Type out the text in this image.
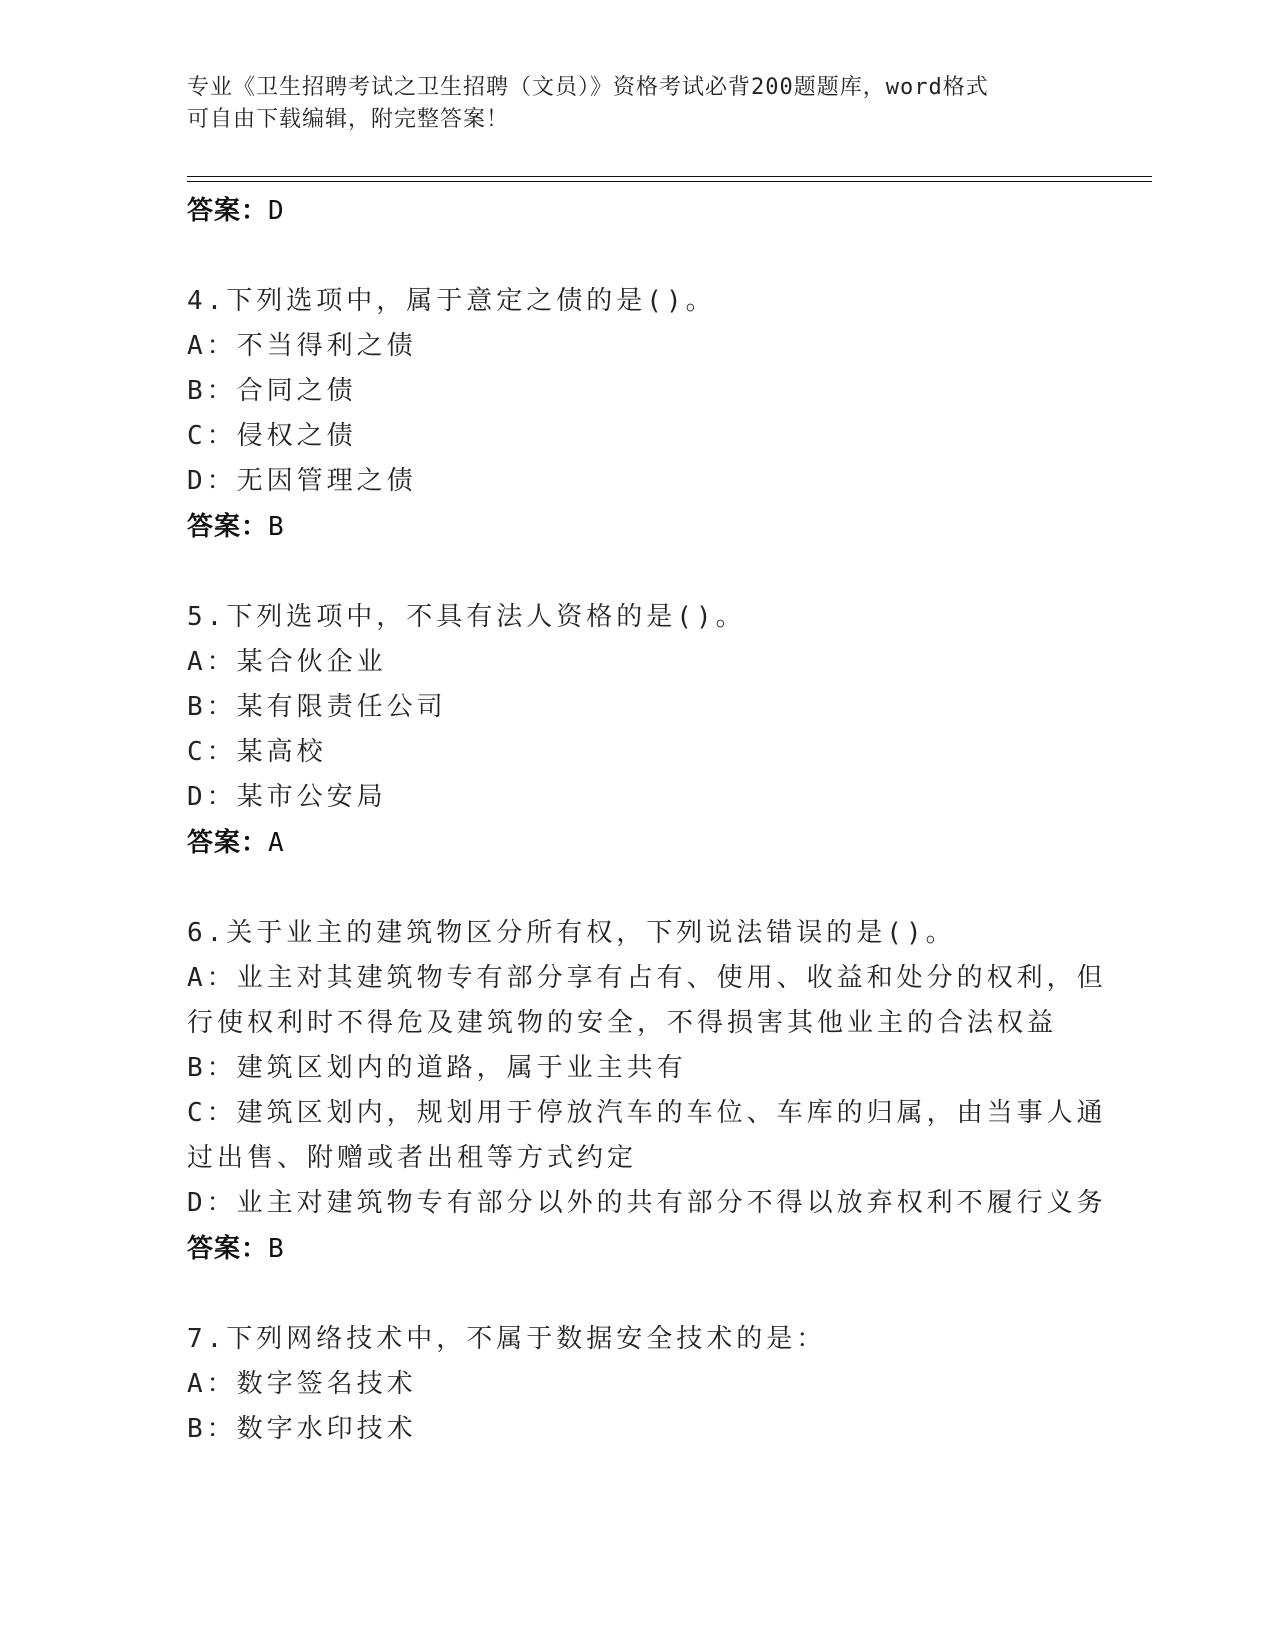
专业《卫生招聘考试之卫生招聘（文员）》资格考试必背200题题库，word格式
可自由下载编辑，附完整答案！
答案：D
4.下列选项中，属于意定之债的是()。
A：不当得利之债
B：合同之债
C：侵权之债
D：无因管理之债
答案：B
5.下列选项中，不具有法人资格的是()。
A：某合伙企业
B：某有限责任公司
C：某高校
D：某市公安局
答案：A
6.关于业主的建筑物区分所有权，下列说法错误的是()。
A：业主对其建筑物专有部分享有占有、使用、收益和处分的权利，但
行使权利时不得危及建筑物的安全，不得损害其他业主的合法权益
B：建筑区划内的道路，属于业主共有
C：建筑区划内，规划用于停放汽车的车位、车库的归属，由当事人通
过出售、附赠或者出租等方式约定
D：业主对建筑物专有部分以外的共有部分不得以放弃权利不履行义务
答案：B
7.下列网络技术中，不属于数据安全技术的是：
A：数字签名技术
B：数字水印技术
